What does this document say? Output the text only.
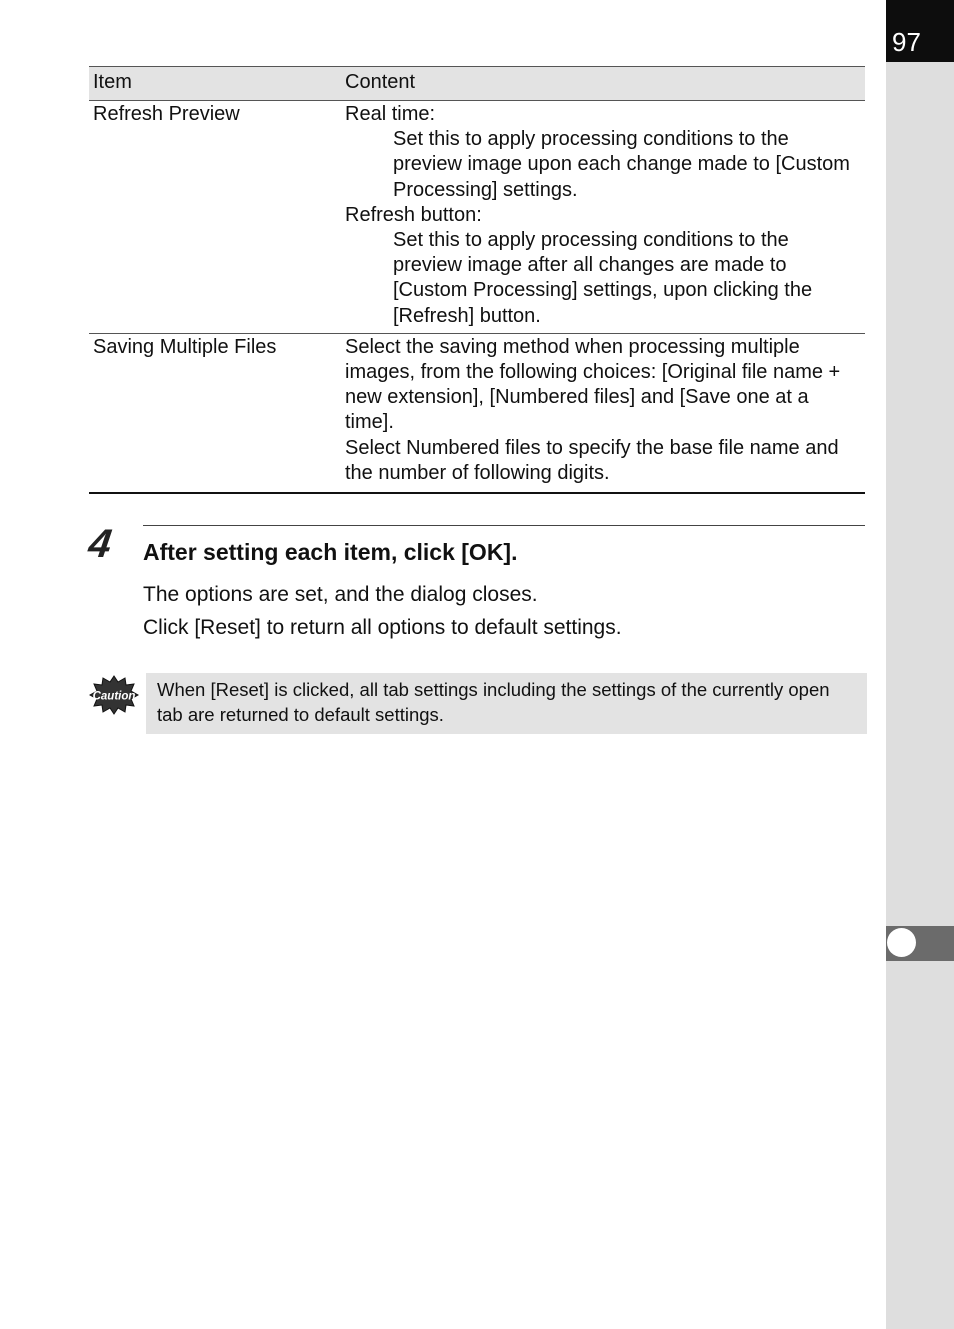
97
Item	Content
Refresh Preview	Real time:
Set this to apply processing conditions to the preview image upon each change made to [Custom Processing] settings.
Refresh button:
Set this to apply processing conditions to the preview image after all changes are made to [Custom Processing] settings, upon clicking the [Refresh] button.

Saving Multiple Files	Select the saving method when processing multiple images, from the following choices: [Original file name + new extension], [Numbered files] and [Save one at a time].
Select Numbered files to specify the base file name and the number of following digits.
4 After setting each item, click [OK].
The options are set, and the dialog closes.
Click [Reset] to return all options to default settings.
Caution	When [Reset] is clicked, all tab settings including the settings of the currently open tab are returned to default settings.
